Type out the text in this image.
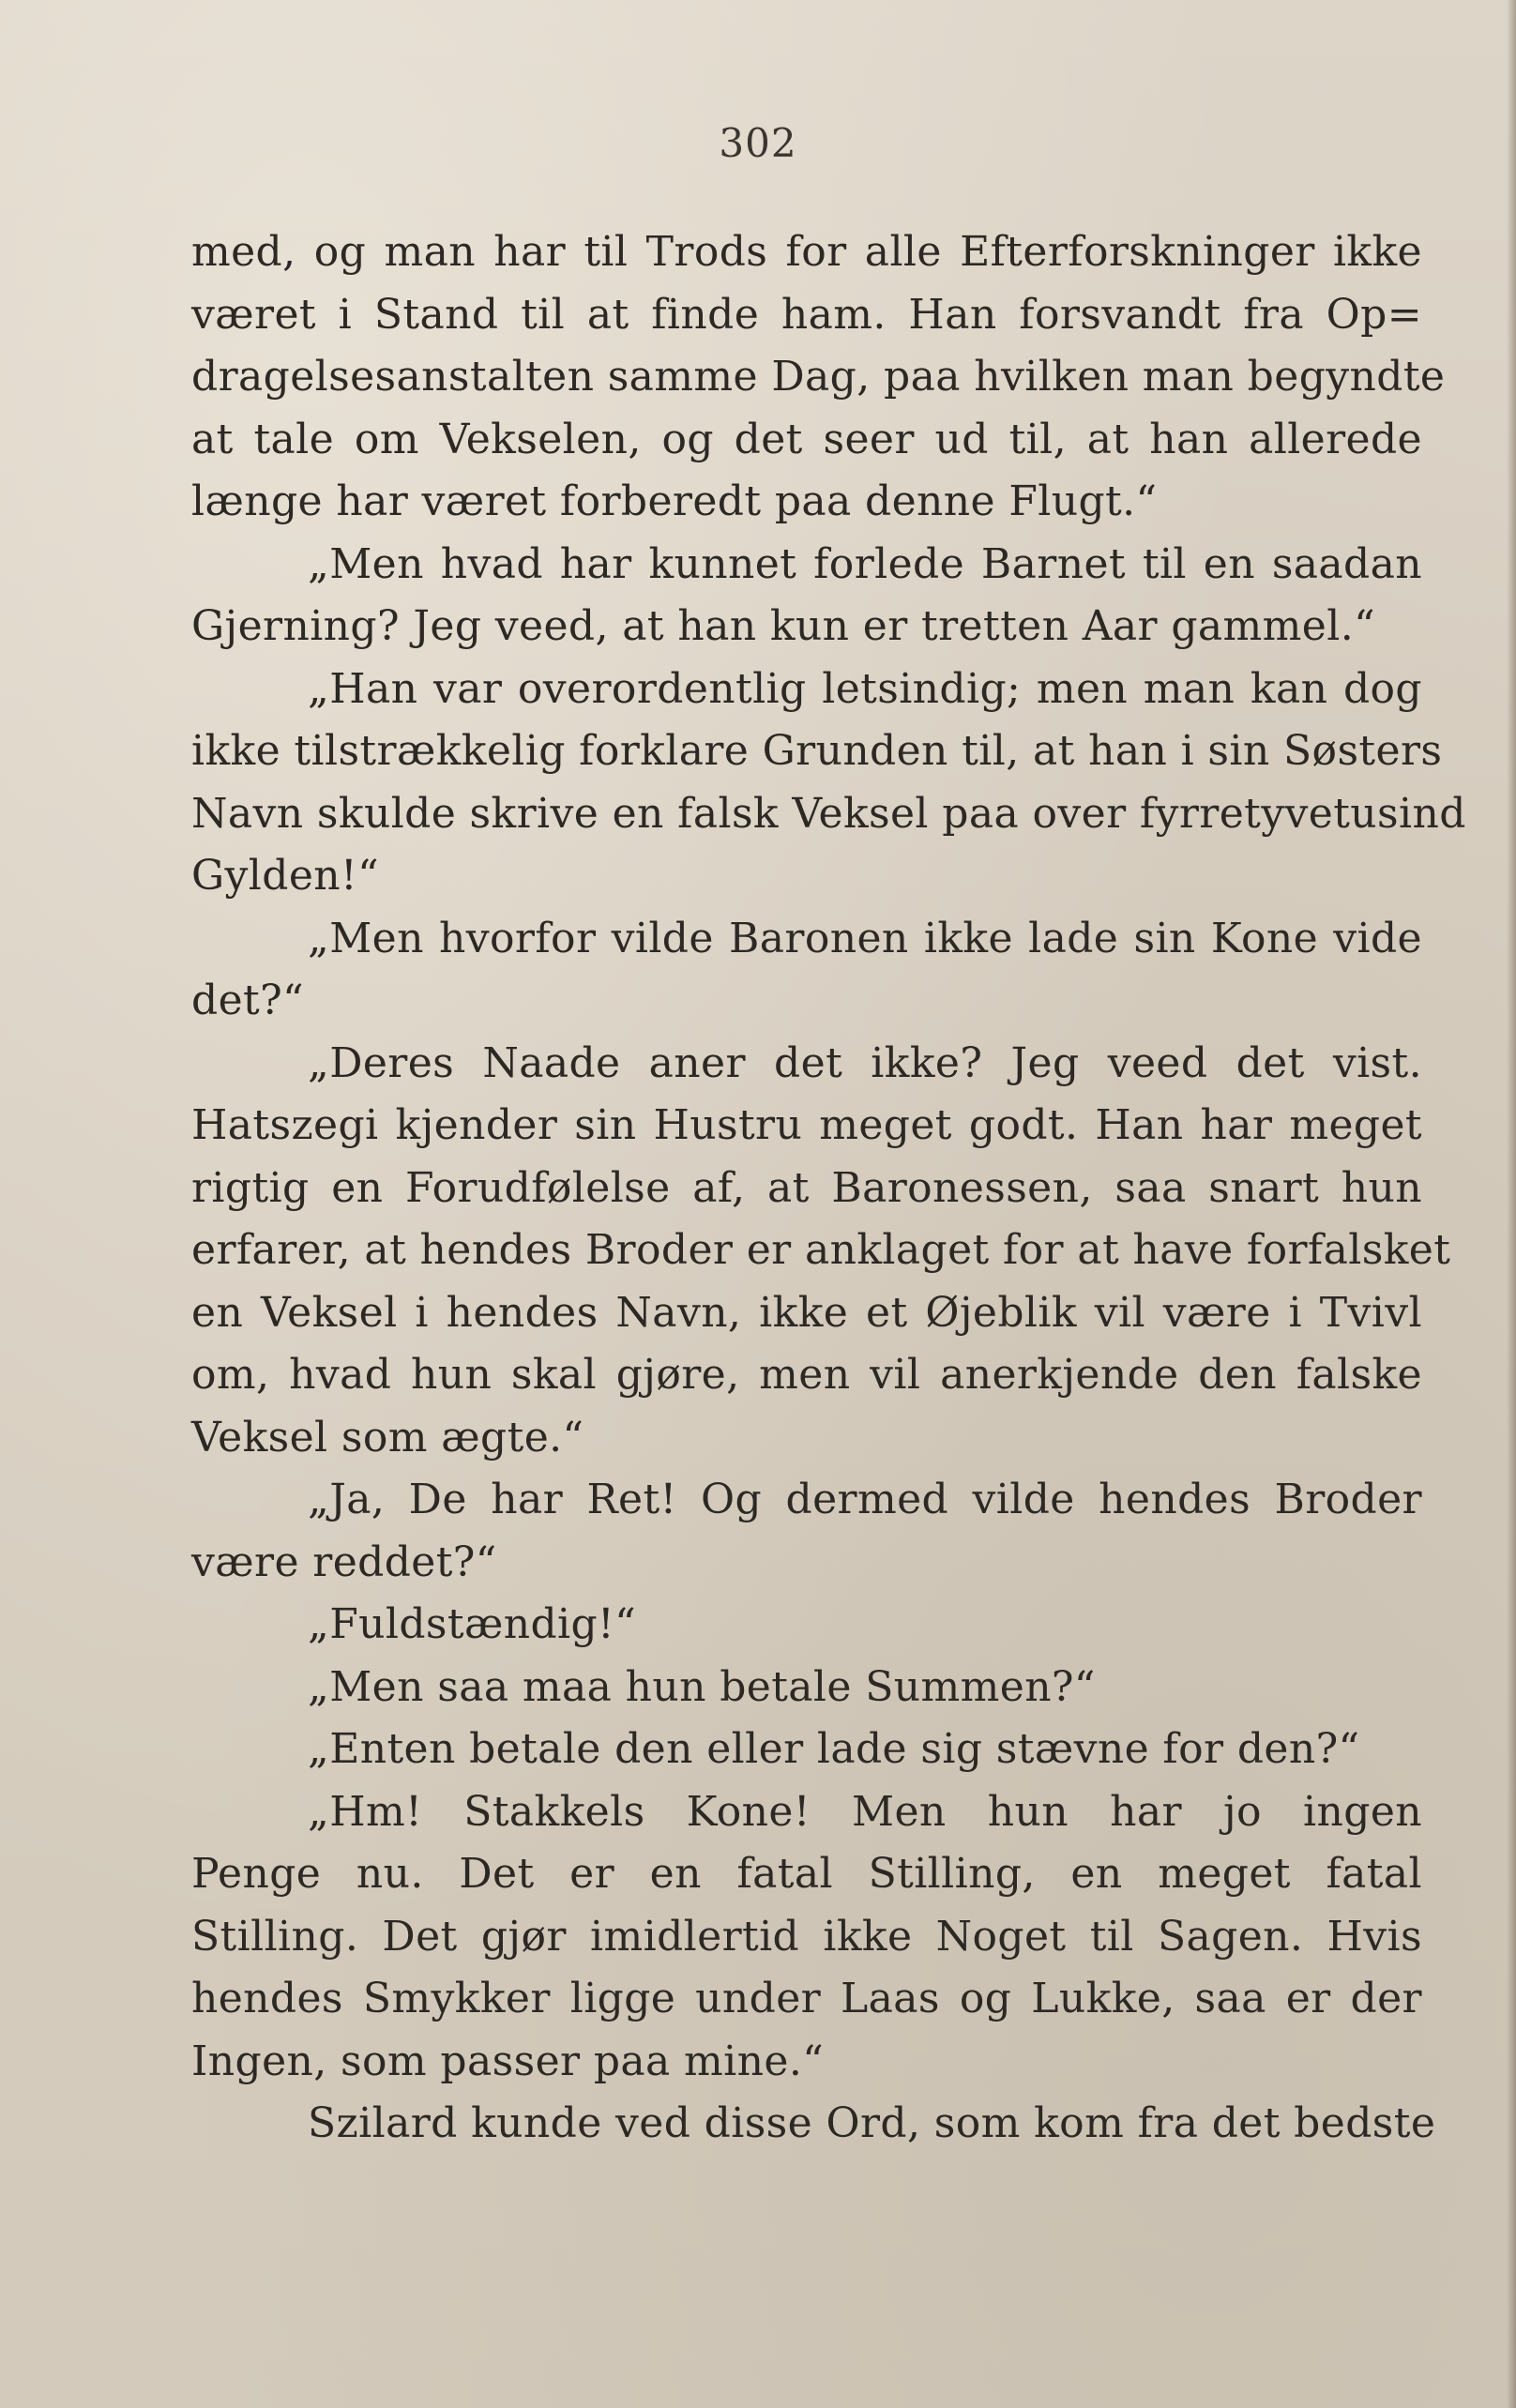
302
med, og man har til Trods for alle Efterforskninger ikke
været i Stand til at finde ham. Han forsvandt fra Op=
dragelsesanstalten samme Dag, paa hvilken man begyndte
at tale om Vekselen, og det seer ud til, at han allerede
længe har været forberedt paa denne Flugt.“
„Men hvad har kunnet forlede Barnet til en saadan
Gjerning? Jeg veed, at han kun er tretten Aar gammel.“
„Han var overordentlig letsindig; men man kan dog
ikke tilstrækkelig forklare Grunden til, at han i sin Søsters
Navn skulde skrive en falsk Veksel paa over fyrretyvetusind
Gylden!“
„Men hvorfor vilde Baronen ikke lade sin Kone vide
det?“
„Deres Naade aner det ikke? Jeg veed det vist.
Hatszegi kjender sin Hustru meget godt. Han har meget
rigtig en Forudfølelse af, at Baronessen, saa snart hun
erfarer, at hendes Broder er anklaget for at have forfalsket
en Veksel i hendes Navn, ikke et Øjeblik vil være i Tvivl
om, hvad hun skal gjøre, men vil anerkjende den falske
Veksel som ægte.“
„Ja, De har Ret! Og dermed vilde hendes Broder
være reddet?“
„Fuldstændig!“
„Men saa maa hun betale Summen?“
„Enten betale den eller lade sig stævne for den?“
„Hm! Stakkels Kone! Men hun har jo ingen
Penge nu. Det er en fatal Stilling, en meget fatal
Stilling. Det gjør imidlertid ikke Noget til Sagen. Hvis
hendes Smykker ligge under Laas og Lukke, saa er der
Ingen, som passer paa mine.“
Szilard kunde ved disse Ord, som kom fra det bedste
